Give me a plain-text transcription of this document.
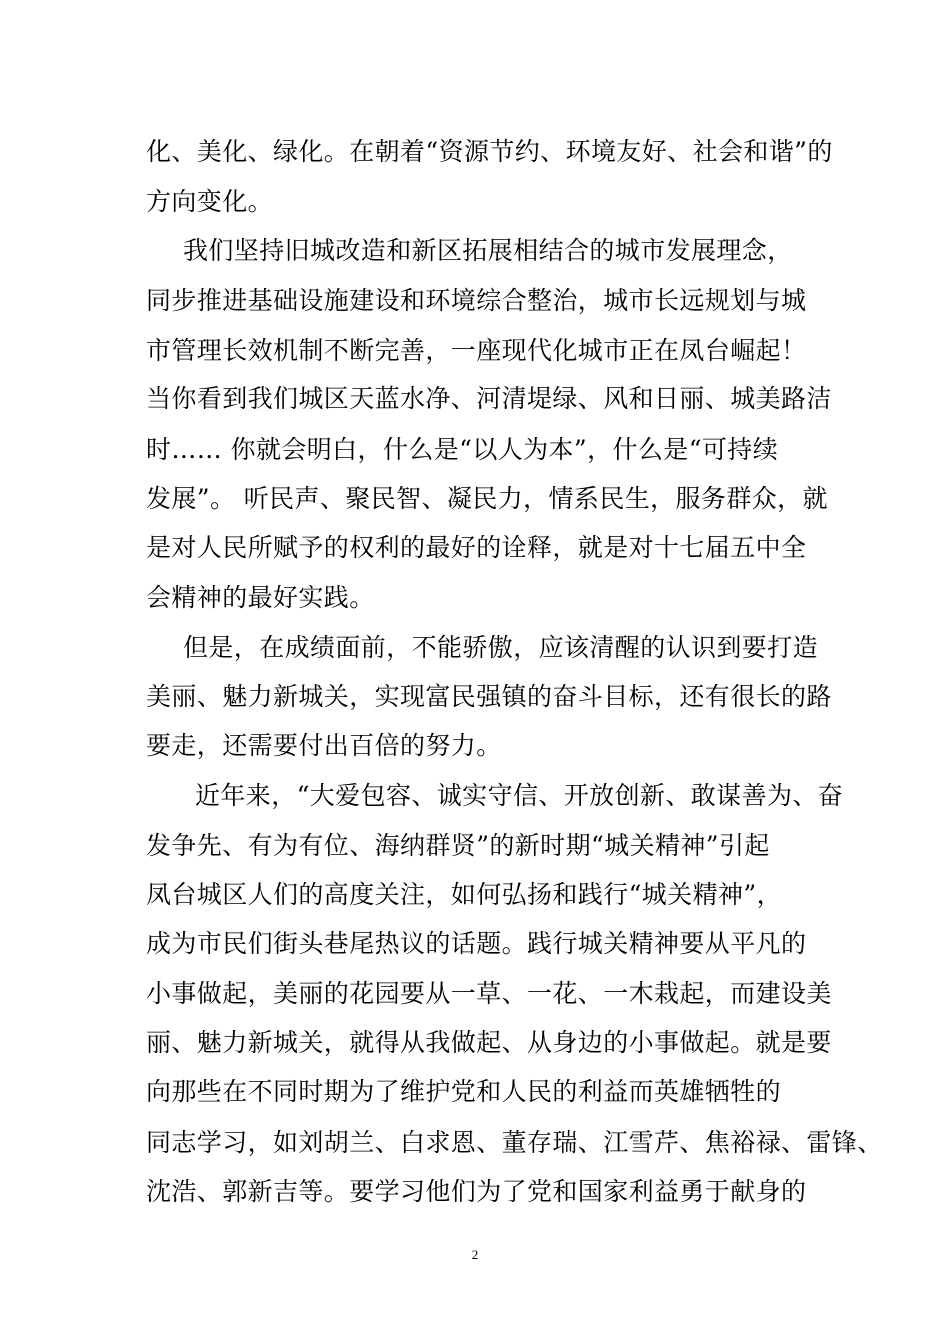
化、美化、绿化。在朝着“资源节约、环境友好、社会和谐”的
方向变化。
我们坚持旧城改造和新区拓展相结合的城市发展理念，
同步推进基础设施建设和环境综合整治，城市长远规划与城
市管理长效机制不断完善，一座现代化城市正在凤台崛起！
当你看到我们城区天蓝水净、河清堤绿、风和日丽、城美路洁
时…… 你就会明白，什么是“以人为本”，什么是“可持续
发展”。 听民声、聚民智、凝民力，情系民生，服务群众，就
是对人民所赋予的权利的最好的诠释，就是对十七届五中全
会精神的最好实践。
但是，在成绩面前，不能骄傲，应该清醒的认识到要打造
美丽、魅力新城关，实现富民强镇的奋斗目标，还有很长的路
要走，还需要付出百倍的努力。
近年来，“大爱包容、诚实守信、开放创新、敢谋善为、奋
发争先、有为有位、海纳群贤”的新时期“城关精神”引起
凤台城区人们的高度关注，如何弘扬和践行“城关精神”，
成为市民们街头巷尾热议的话题。践行城关精神要从平凡的
小事做起，美丽的花园要从一草、一花、一木栽起，而建设美
丽、魅力新城关，就得从我做起、从身边的小事做起。就是要
向那些在不同时期为了维护党和人民的利益而英雄牺牲的
同志学习，如刘胡兰、白求恩、董存瑞、江雪芹、焦裕禄、雷锋、
沈浩、郭新吉等。要学习他们为了党和国家利益勇于献身的
2
